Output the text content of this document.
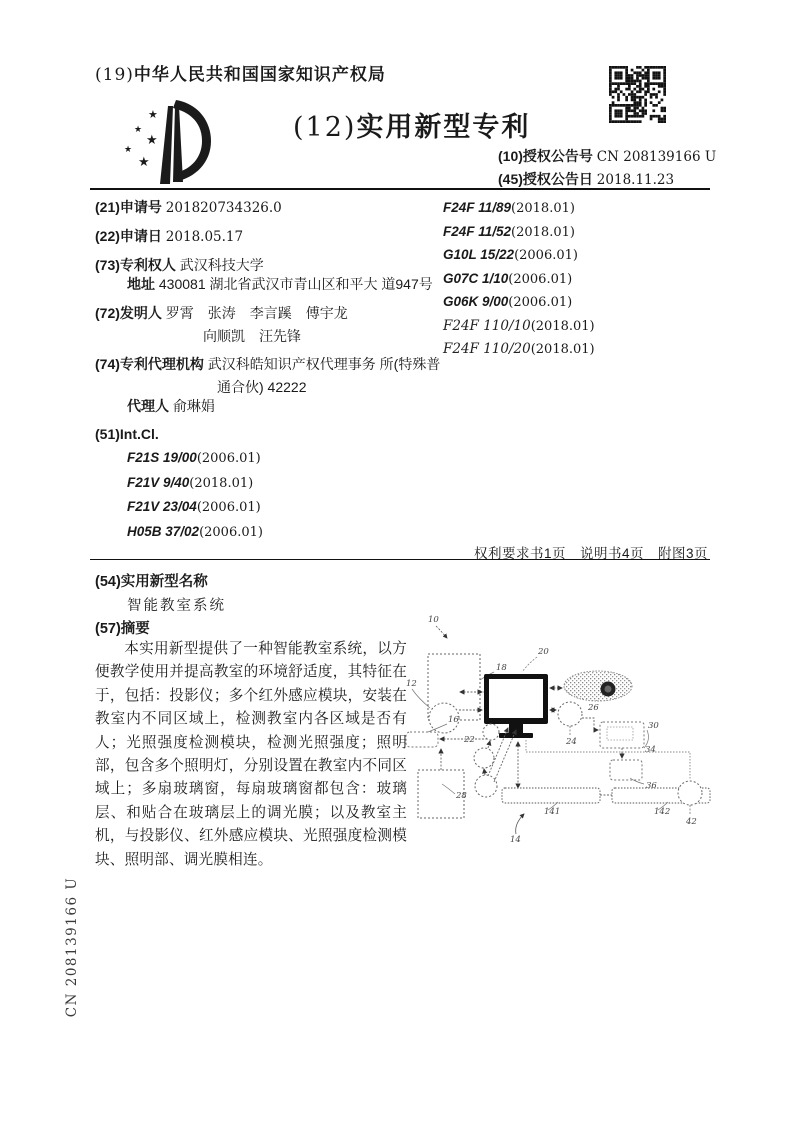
(19)中华人民共和国国家知识产权局
★
★
★
★
★
(12)实用新型专利
(10)授权公告号 CN 208139166 U
(45)授权公告日 2018.11.23
(21)申请号 201820734326.0
(22)申请日 2018.05.17
(73)专利权人 武汉科技大学
地址 430081 湖北省武汉市青山区和平大 道947号
(72)发明人 罗霄　张涛　李言蹊　傅宇龙
向顺凯　汪先锋
(74)专利代理机构 武汉科皓知识产权代理事务 所(特殊普通合伙) 42222
代理人 俞琳娟
(51)Int.Cl.
F21S 19/00(2006.01)
F21V 9/40(2018.01)
F21V 23/04(2006.01)
H05B 37/02(2006.01)
F24F 11/89(2018.01)
F24F 11/52(2018.01)
G10L 15/22(2006.01)
G07C 1/10(2006.01)
G06K 9/00(2006.01)
F24F 110/10(2018.01)
F24F 110/20(2018.01)
权利要求书1页　说明书4页　附图3页
(54)实用新型名称
智能教室系统
(57)摘要
本实用新型提供了一种智能教室系统，以方便教学使用并提高教室的环境舒适度，其特征在于，包括：投影仪；多个红外感应模块，安装在教室内不同区域上，检测教室内各区域是否有人；光照强度检测模块，检测光照强度；照明部，包含多个照明灯，分别设置在教室内不同区域上；多扇玻璃窗，每扇玻璃窗都包含：玻璃层、和贴合在玻璃层上的调光膜；以及教室主机，与投影仪、红外感应模块、光照强度检测模块、照明部、调光膜相连。
10
18
12
20
24
26
30
34
36
16
22
28
141	142
42
14
CN 208139166 U
